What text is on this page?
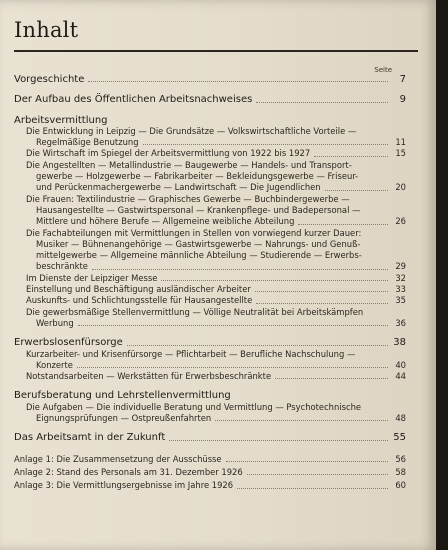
Inhalt
Seite
Vorgeschichte	7
Der Aufbau des Öffentlichen Arbeitsnachweises	9
Arbeitsvermittlung
Die Entwicklung in Leipzig — Die Grundsätze — Volkswirtschaftliche Vorteile —
Regelmäßige Benutzung	11
Die Wirtschaft im Spiegel der Arbeitsvermittlung von 1922 bis 1927	15
Die Angestellten — Metallindustrie — Baugewerbe — Handels- und Transport-
gewerbe — Holzgewerbe — Fabrikarbeiter — Bekleidungsgewerbe — Friseur-
und Perückenmachergewerbe — Landwirtschaft — Die Jugendlichen	20
Die Frauen: Textilindustrie — Graphisches Gewerbe — Buchbindergewerbe —
Hausangestellte — Gastwirtspersonal — Krankenpflege- und Badepersonal —
Mittlere und höhere Berufe — Allgemeine weibliche Abteilung	26
Die Fachabteilungen mit Vermittlungen in Stellen von vorwiegend kurzer Dauer:
Musiker — Bühnenangehörige — Gastwirtsgewerbe — Nahrungs- und Genuß-
mittelgewerbe — Allgemeine männliche Abteilung — Studierende — Erwerbs-
beschränkte	29
Im Dienste der Leipziger Messe	32
Einstellung und Beschäftigung ausländischer Arbeiter	33
Auskunfts- und Schlichtungsstelle für Hausangestellte	35
Die gewerbsmäßige Stellenvermittlung — Völlige Neutralität bei Arbeitskämpfen
Werbung	36
Erwerbslosenfürsorge	38
Kurzarbeiter- und Krisenfürsorge — Pflichtarbeit — Berufliche Nachschulung —
Konzerte	40
Notstandsarbeiten — Werkstätten für Erwerbsbeschränkte	44
Berufsberatung und Lehrstellenvermittlung
Die Aufgaben — Die individuelle Beratung und Vermittlung — Psychotechnische
Eignungsprüfungen — Ostpreußenfahrten	48
Das Arbeitsamt in der Zukunft	55
Anlage 1: Die Zusammensetzung der Ausschüsse	56
Anlage 2: Stand des Personals am 31. Dezember 1926	58
Anlage 3: Die Vermittlungsergebnisse im Jahre 1926	60
